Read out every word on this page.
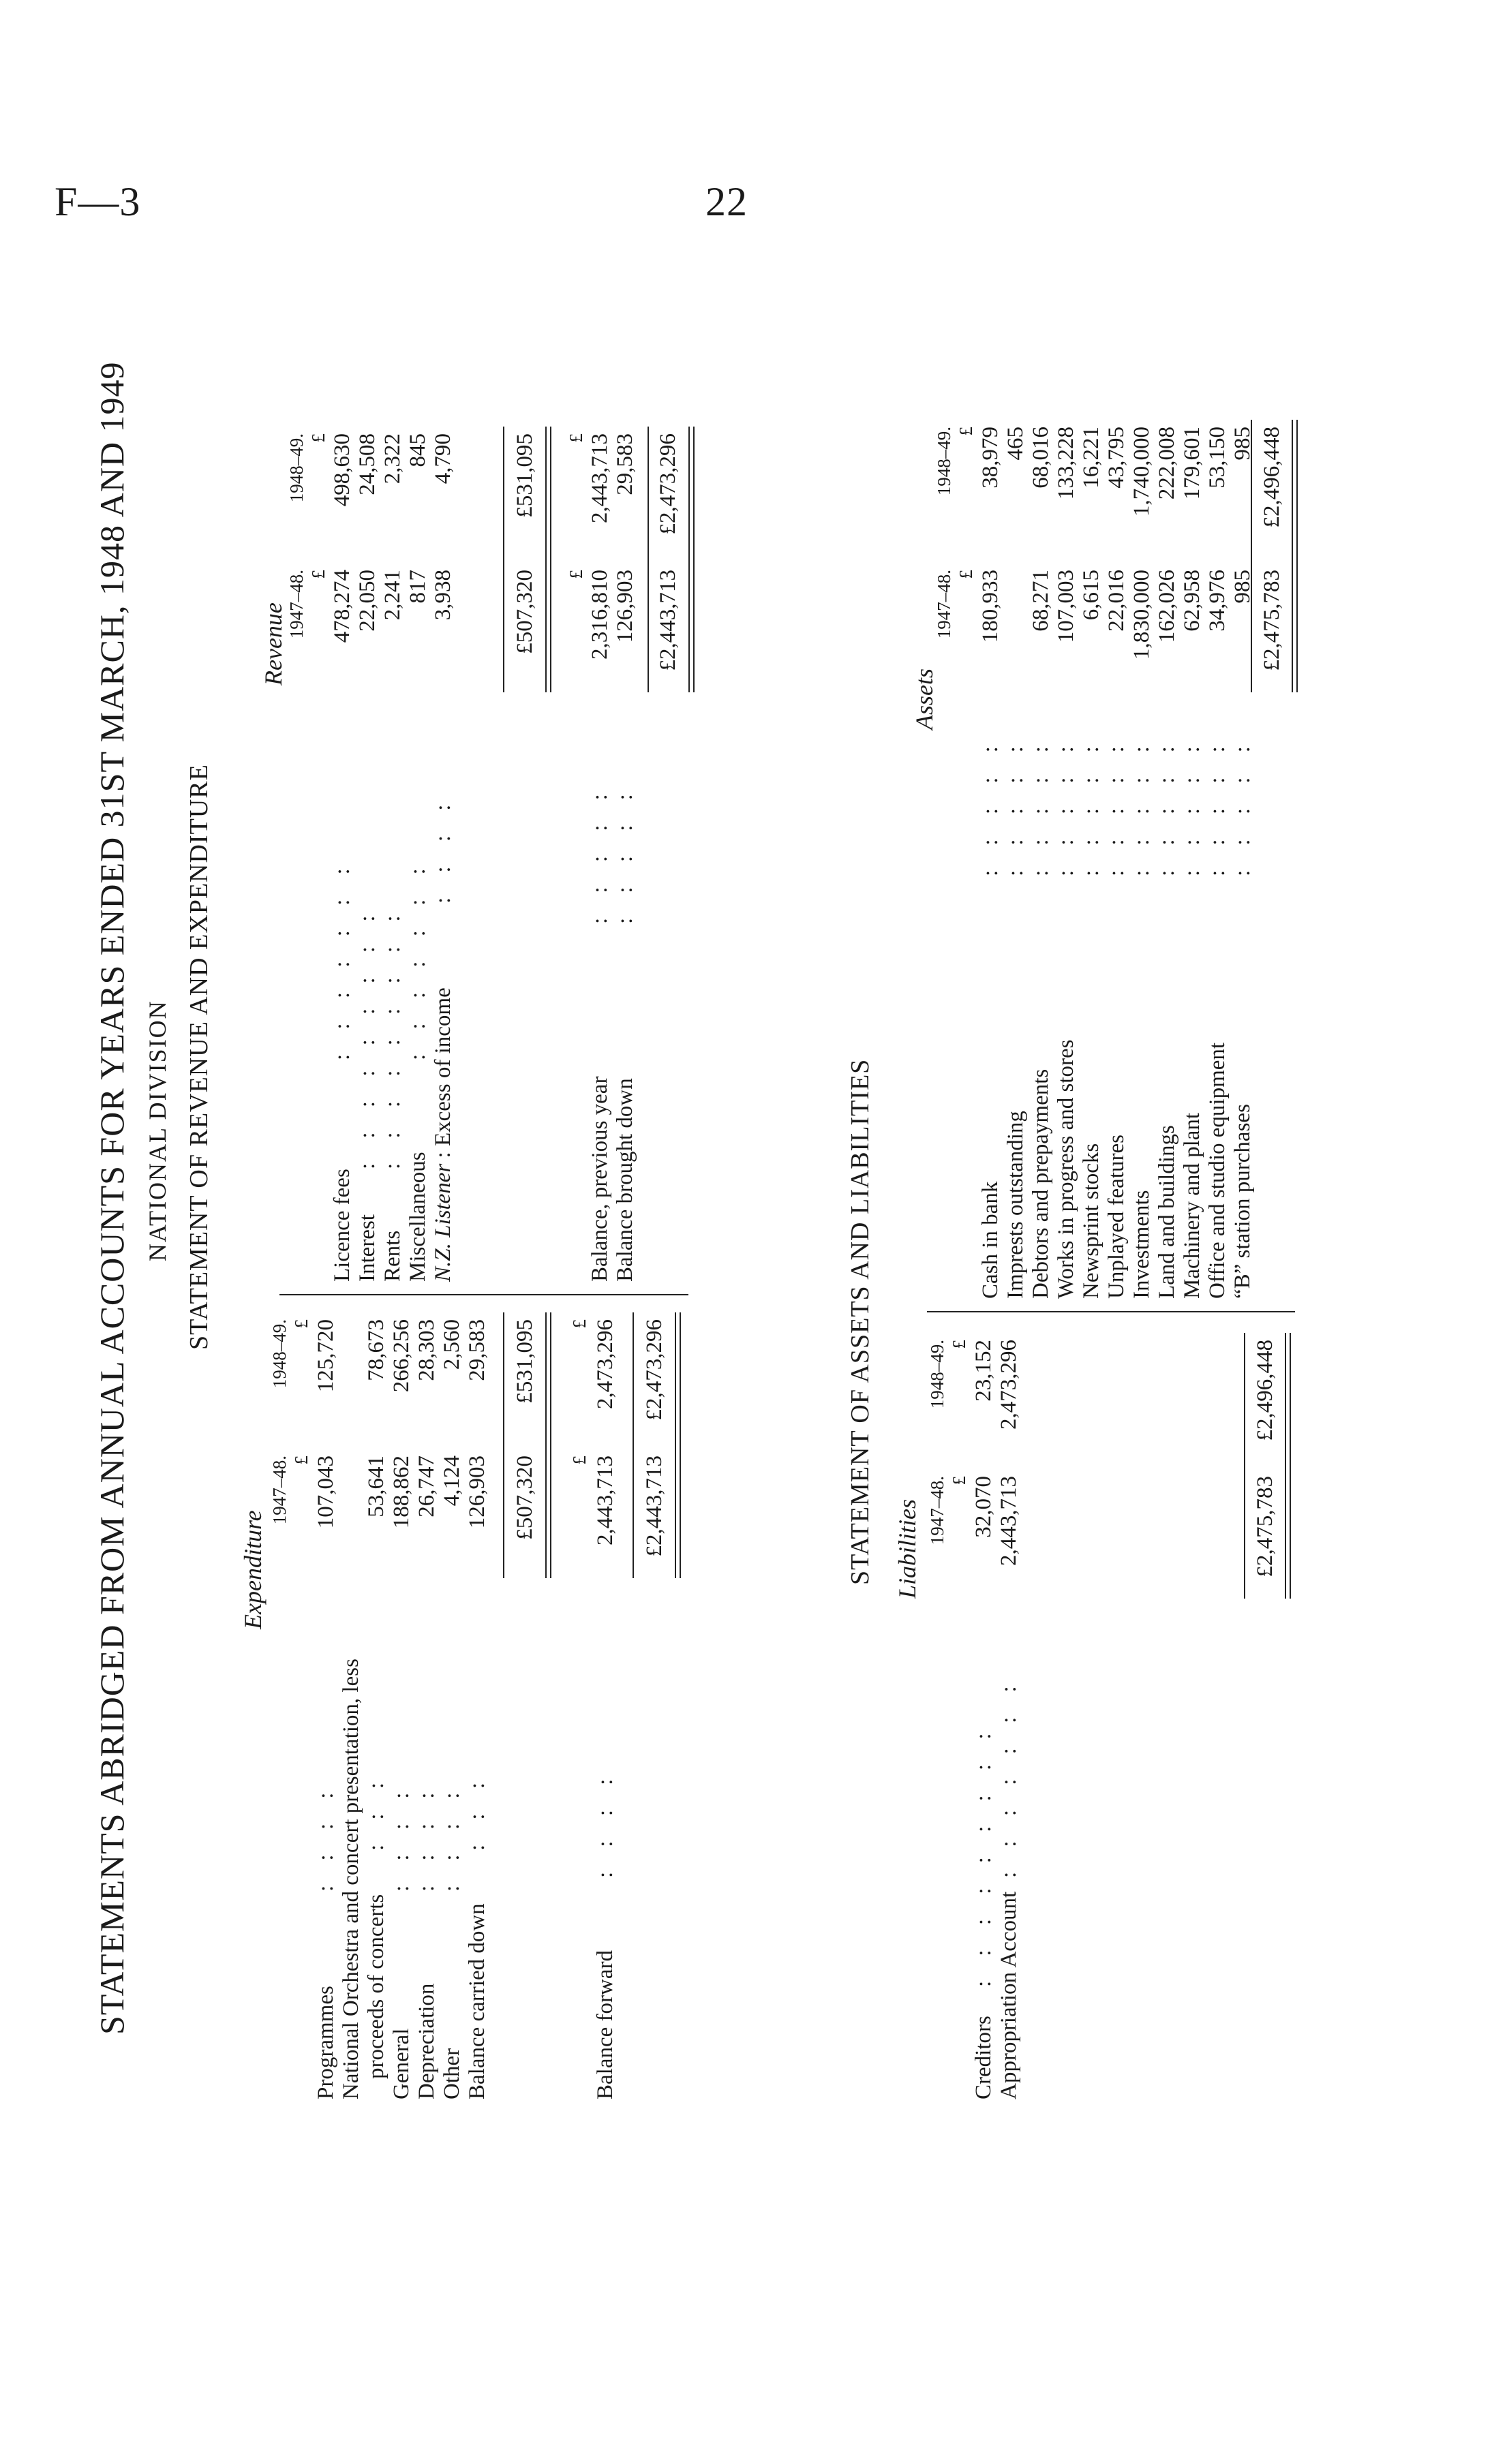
F—3	22
STATEMENTS ABRIDGED FROM ANNUAL ACCOUNTS FOR YEARS ENDED 31ST MARCH, 1948 AND 1949 NATIONAL DIVISION STATEMENT OF REVENUE AND EXPENDITURE
Expenditure
Revenue
1947–48.
1948–49.
£
£
Programmes
: : : :
107,043
125,720
National Orchestra and concert presentation, less proceeds of concerts
: : :
53,641
78,673
General
: : : :
188,862
266,256
Depreciation
: : : :
26,747
28,303
Other
: : : :
4,124
2,560
Balance carried down
: : :
126,903
29,583
£507,320
£531,095
£
£
Balance forward
: : : :
2,443,713
2,473,296
£2,443,713
£2,473,296
1947–48.
1948–49.
£
£
Licence fees
: : : : : : :
478,274
498,630
Interest
: : : : : : : : :
22,050
24,508
Rents
: : : : : : : : :
2,241
2,322
Miscellaneous
: : : : : : :
817
845
N.Z. Listener : Excess of income
: : : :
3,938
4,790
£507,320
£531,095
£
£
Balance, previous year
: : : : :
2,316,810
2,443,713
Balance brought down
: : : : :
126,903
29,583
£2,443,713
£2,473,296
STATEMENT OF ASSETS AND LIABILITIES Liabilities
Assets
1947–48.
1948–49.
£
£
Creditors
: : : : : : : : :
32,070
23,152
Appropriation Account
: : : : : : :
2,443,713
2,473,296
£2,475,783
£2,496,448
1947–48.
1948–49.
£
£
Cash in bank
: : : : :
180,933
38,979
Imprests outstanding
: : : : :
465
Debtors and prepayments
: : : : :
68,271
68,016
Works in progress and stores
: : : : :
107,003
133,228
Newsprint stocks
: : : : :
6,615
16,221
Unplayed features
: : : : :
22,016
43,795
Investments
: : : : :
1,830,000
1,740,000
Land and buildings
: : : : :
162,026
222,008
Machinery and plant
: : : : :
62,958
179,601
Office and studio equipment
: : : : :
34,976
53,150
“B” station purchases
: : : : :
985
985
£2,475,783
£2,496,448
